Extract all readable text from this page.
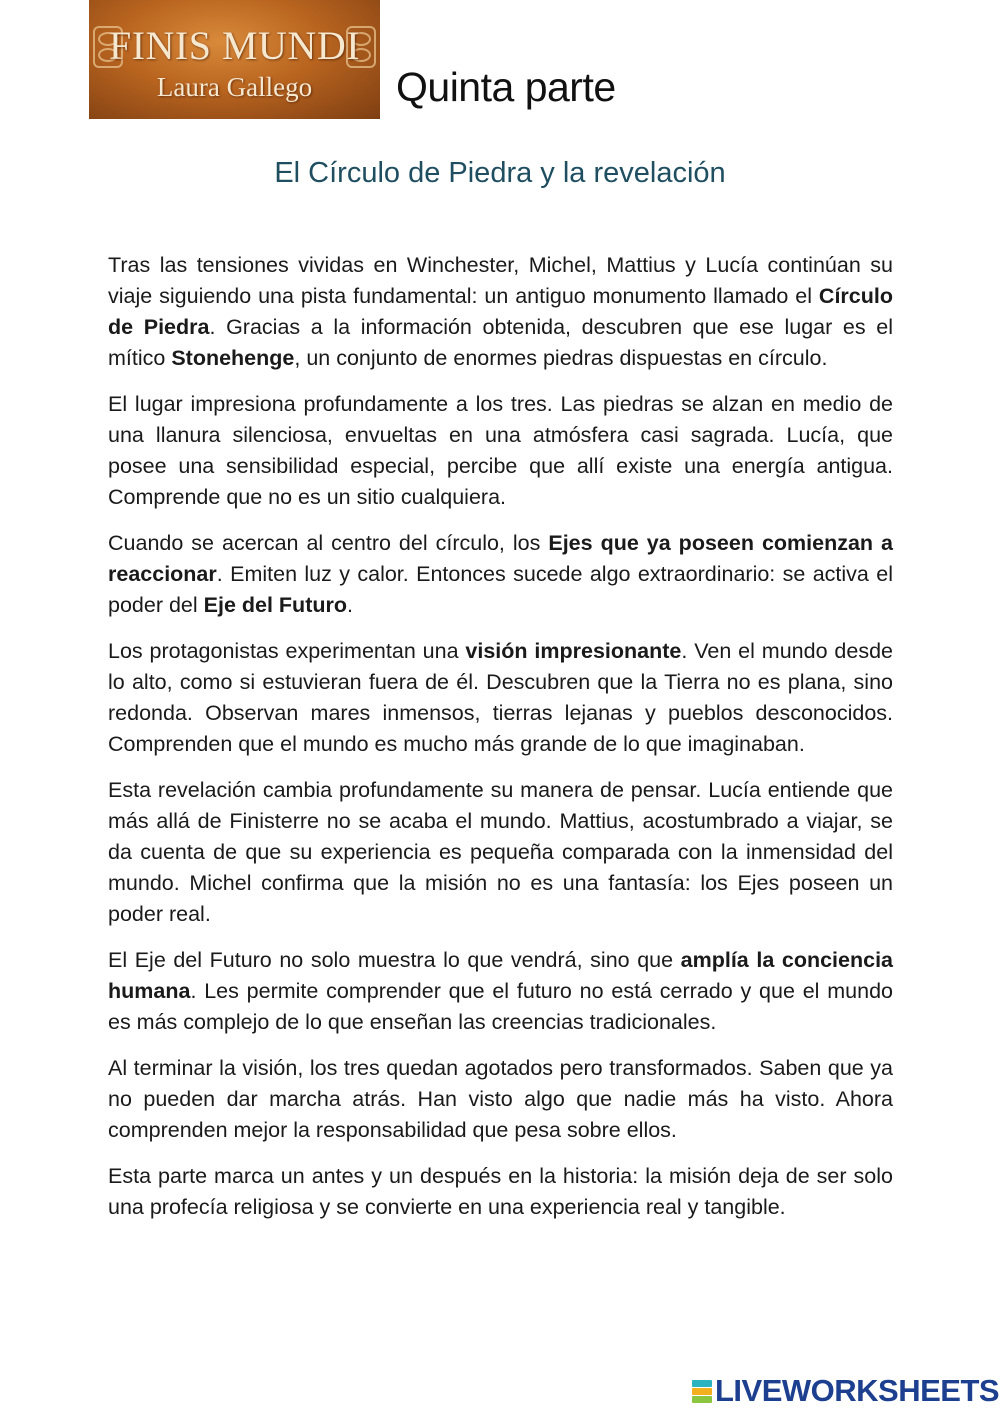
FINIS MUNDI
Laura Gallego	Quinta parte
El Círculo de Piedra y la revelación

Tras las tensiones vividas en Winchester, Michel, Mattius y Lucía continúan su viaje siguiendo una pista fundamental: un antiguo monumento llamado el Círculo de Piedra. Gracias a la información obtenida, descubren que ese lugar es el mítico Stonehenge, un conjunto de enormes piedras dispuestas en círculo.

El lugar impresiona profundamente a los tres. Las piedras se alzan en medio de una llanura silenciosa, envueltas en una atmósfera casi sagrada. Lucía, que posee una sensibilidad especial, percibe que allí existe una energía antigua. Comprende que no es un sitio cualquiera.

Cuando se acercan al centro del círculo, los Ejes que ya poseen comienzan a reaccionar. Emiten luz y calor. Entonces sucede algo extraordinario: se activa el poder del Eje del Futuro.

Los protagonistas experimentan una visión impresionante. Ven el mundo desde lo alto, como si estuvieran fuera de él. Descubren que la Tierra no es plana, sino redonda. Observan mares inmensos, tierras lejanas y pueblos desconocidos. Comprenden que el mundo es mucho más grande de lo que imaginaban.

Esta revelación cambia profundamente su manera de pensar. Lucía entiende que más allá de Finisterre no se acaba el mundo. Mattius, acostumbrado a viajar, se da cuenta de que su experiencia es pequeña comparada con la inmensidad del mundo. Michel confirma que la misión no es una fantasía: los Ejes poseen un poder real.

El Eje del Futuro no solo muestra lo que vendrá, sino que amplía la conciencia humana. Les permite comprender que el futuro no está cerrado y que el mundo es más complejo de lo que enseñan las creencias tradicionales.

Al terminar la visión, los tres quedan agotados pero transformados. Saben que ya no pueden dar marcha atrás. Han visto algo que nadie más ha visto. Ahora comprenden mejor la responsabilidad que pesa sobre ellos.

Esta parte marca un antes y un después en la historia: la misión deja de ser solo una profecía religiosa y se convierte en una experiencia real y tangible.

LIVEWORKSHEETS
